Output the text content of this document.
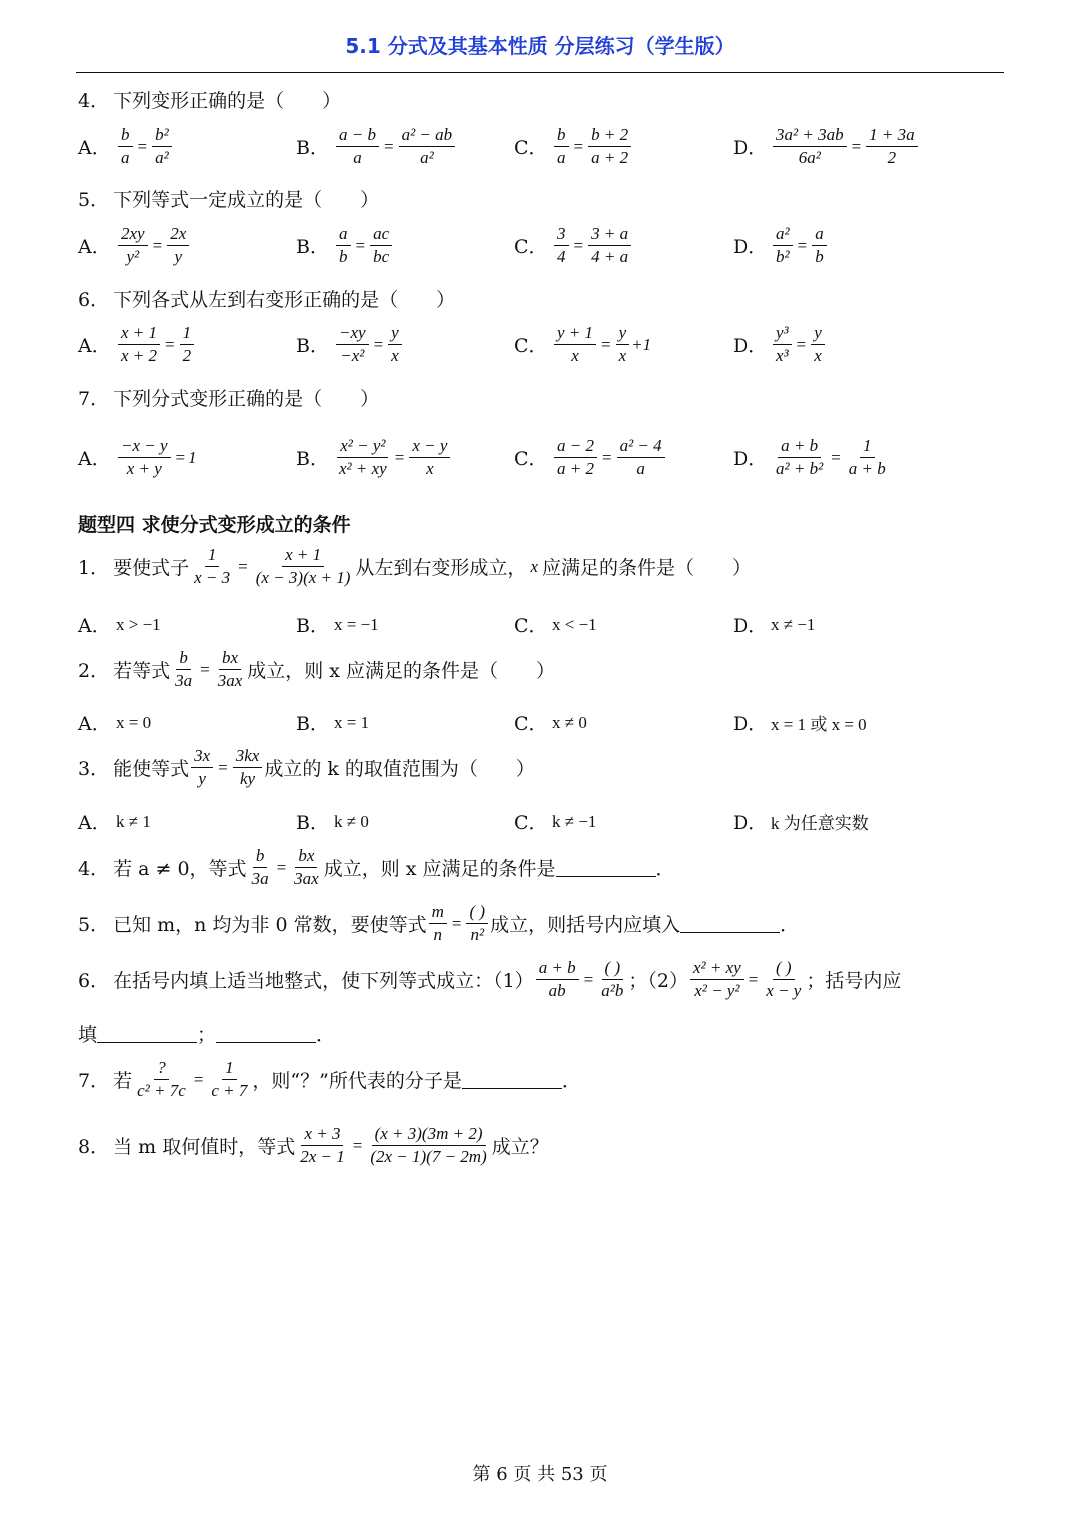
5.1 分式及其基本性质 分层练习（学生版）
4． 下列变形正确的是（　　）
A． $\frac{b}{a} = \frac{\text{b²}}{\text{a²}}$	B． $\frac{a - b}{a} = \frac{\text{a² − ab}}{\text{a²}}$	C． $\frac{b}{a} = \frac{b + 2}{a + 2}$	D． $\frac{\text{3a² + 3ab}}{\text{6a²}} = \frac{1 + 3a}{2}$
5． 下列等式一定成立的是（　　）
A． $\frac{2xy}{\text{y²}} = \frac{2x}{y}$	B． $\frac{a}{b} = \frac{ac}{bc}$	C． $\frac{3}{4} = \frac{3 + a}{4 + a}$	D． $\frac{\text{a²}}{\text{b²}} = \frac{a}{b}$
6． 下列各式从左到右变形正确的是（　　）
A． $\frac{x + 1}{x + 2} = \frac{1}{2}$	B． $\frac{-xy}{\text{−x²}} = \frac{y}{x}$	C． $\frac{y + 1}{x} = \frac{y}{x} +1$	D． $\frac{\text{y³}}{\text{x³}} = \frac{y}{x}$
7． 下列分式变形正确的是（　　）
A． $\frac{-x - y}{x + y} = 1$	B． $\frac{\text{x² − y²}}{\text{x² + xy}} = \frac{x - y}{x}$	C． $\frac{a - 2}{a + 2} = \frac{\text{a² − 4}}{a}$	D． $\frac{a + b}{\text{a² + b²}} = \frac{1}{a + b}$
题型四 求使分式变形成立的条件
1． 要使式子 $\frac{1}{x - 3} = \frac{x + 1}{(x - 3)(x + 1)}$ 从左到右变形成立， x 应满足的条件是（　　）
A． x > −1	B． x = −1	C． x < −1	D． x ≠ −1
2． 若等式 $\frac{b}{3a} = \frac{bx}{3ax}$ 成立，则 x 应满足的条件是（　　）
A． x = 0	B． x = 1	C． x ≠ 0	D． x = 1 或 x = 0
3． 能使等式 $\frac{3x}{y} = \frac{3kx}{ky}$ 成立的 k 的取值范围为（　　）
A． k ≠ 1	B． k ≠ 0	C． k ≠ −1	D． k 为任意实数
4． 若 a ≠ 0，等式 $\frac{b}{3a} = \frac{bx}{3ax}$ 成立，则 x 应满足的条件是	．
5． 已知 m，n 均为非 0 常数，要使等式 $\frac{m}{n} = \frac{( )}{\text{n²}}$ 成立，则括号内应填入	．
6． 在括号内填上适当地整式，使下列等式成立：$(1) \frac{a + b}{ab} = \frac{( )}{\text{a²b}}$ ；$(2) \frac{\text{x² + xy}}{\text{x² − y²}} = \frac{( )}{x - y}$ ；括号内应
填	；	．
7． 若 $\frac{?}{\text{c² + 7c}} = \frac{1}{c + 7}$ ，则“？”所代表的分子是	．
8． 当 m 取何值时，等式 $\frac{x + 3}{2x - 1} = \frac{(x + 3)(3m + 2)}{(2x - 1)(7 - 2m)}$ 成立？
第 6 页 共 53 页
